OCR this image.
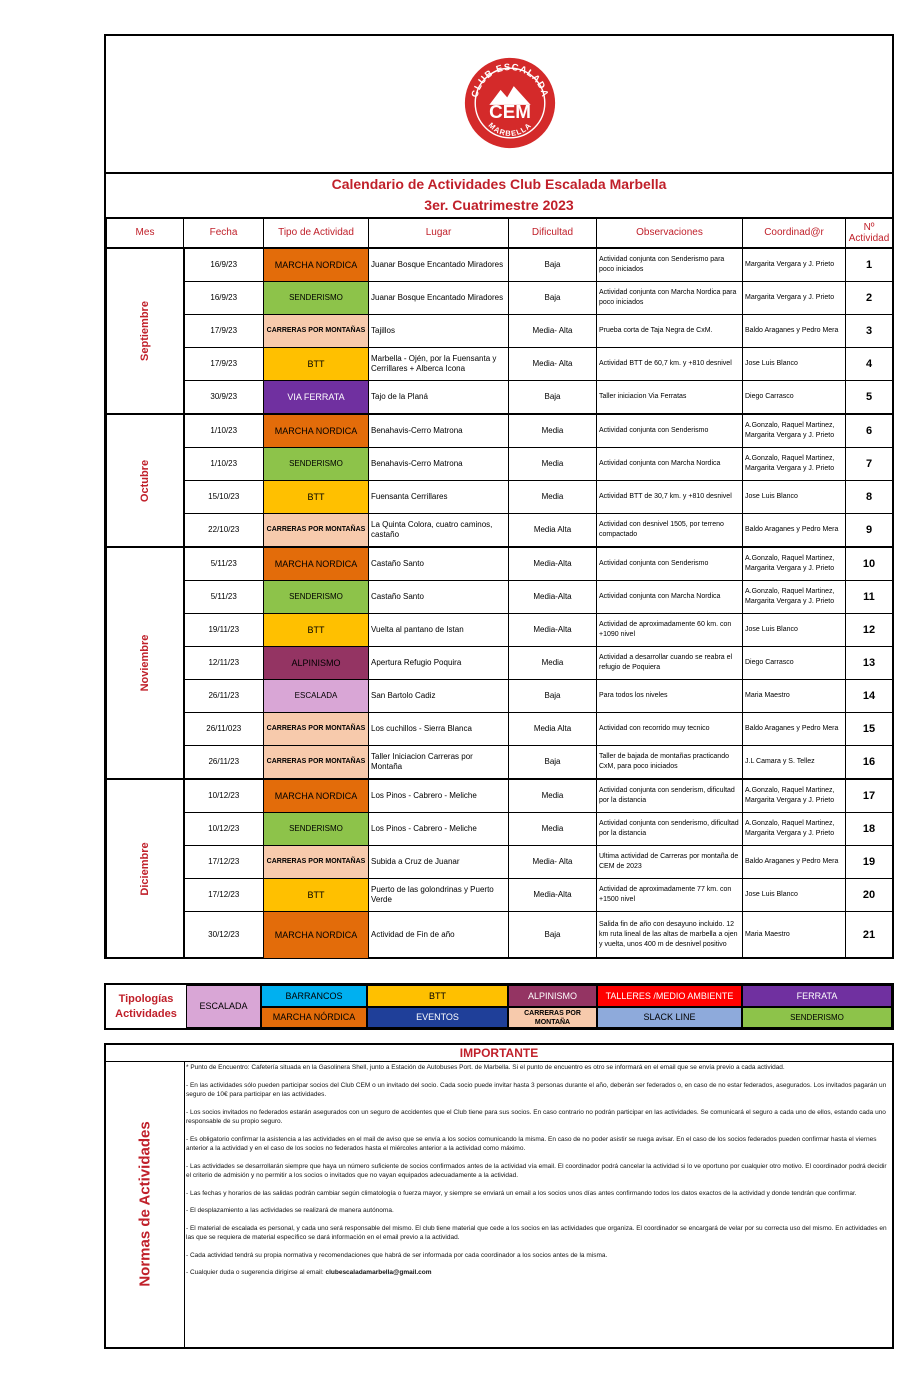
CLUB ESCALADA
CEM
MARBELLA
Calendario de Actividades Club Escalada Marbella
3er. Cuatrimestre 2023
Mes	Fecha	Tipo de Actividad	Lugar	Dificultad	Observaciones	Coordinad@r	Nº Actividad

Septiembre	16/9/23	MARCHA NORDICA	Juanar Bosque Encantado Miradores	Baja	Actividad conjunta con Senderismo para poco iniciados	Margarita Vergara y J. Prieto	1
	16/9/23	SENDERISMO	Juanar Bosque Encantado Miradores	Baja	Actividad conjunta con Marcha Nordica para poco iniciados	Margarita Vergara y J. Prieto	2
	17/9/23	CARRERAS POR MONTAÑAS	Tajillos	Media- Alta	Prueba corta de Taja Negra de CxM.	Baldo Araganes y Pedro Mera	3
	17/9/23	BTT	Marbella - Ojén, por la Fuensanta y Cerrillares + Alberca Icona	Media- Alta	Actividad BTT de 60,7 km. y +810 desnivel	Jose Luis Blanco	4
	30/9/23	VIA FERRATA	Tajo de la Planá	Baja	Taller iniciacion Via Ferratas	Diego Carrasco	5

Octubre	1/10/23	MARCHA NORDICA	Benahavis-Cerro Matrona	Media	Actividad conjunta con Senderismo	A.Gonzalo, Raquel Martinez, Margarita Vergara y J. Prieto	6
	1/10/23	SENDERISMO	Benahavis-Cerro Matrona	Media	Actividad conjunta con Marcha Nordica	A.Gonzalo, Raquel Martinez, Margarita Vergara y J. Prieto	7
	15/10/23	BTT	Fuensanta Cerrillares	Media	Actividad BTT de 30,7 km. y +810 desnivel	Jose Luis Blanco	8
	22/10/23	CARRERAS POR MONTAÑAS	La Quinta Colora, cuatro caminos, castaño	Media Alta	Actividad con desnivel 1505, por terreno compactado	Baldo Araganes y Pedro Mera	9

Noviembre	5/11/23	MARCHA NORDICA	Castaño Santo	Media-Alta	Actividad conjunta con Senderismo	A.Gonzalo, Raquel Martinez, Margarita Vergara y J. Prieto	10
	5/11/23	SENDERISMO	Castaño Santo	Media-Alta	Actividad conjunta con Marcha Nordica	A.Gonzalo, Raquel Martinez, Margarita Vergara y J. Prieto	11
	19/11/23	BTT	Vuelta al pantano de Istan	Media-Alta	Actividad de aproximadamente 60 km. con +1090 nivel	Jose Luis Blanco	12
	12/11/23	ALPINISMO	Apertura Refugio Poquira	Media	Actividad a desarrollar cuando se reabra el refugio de Poquiera	Diego Carrasco	13
	26/11/23	ESCALADA	San Bartolo Cadiz	Baja	Para todos los niveles	Maria Maestro	14
	26/11/023	CARRERAS POR MONTAÑAS	Los cuchillos - Sierra Blanca	Media Alta	Actividad con recorrido muy tecnico	Baldo Araganes y Pedro Mera	15
	26/11/23	CARRERAS POR MONTAÑAS	Taller Iniciacion Carreras por Montaña	Baja	Taller de bajada de montañas practicando CxM, para poco iniciados	J.L Camara y S. Tellez	16

Diciembre	10/12/23	MARCHA NORDICA	Los Pinos - Cabrero - Meliche	Media	Actividad conjunta con senderism, dificultad por la distancia	A.Gonzalo, Raquel Martinez, Margarita Vergara y J. Prieto	17
	10/12/23	SENDERISMO	Los Pinos - Cabrero - Meliche	Media	Actividad conjunta con senderismo, dificultad por la distancia	A.Gonzalo, Raquel Martinez, Margarita Vergara y J. Prieto	18
	17/12/23	CARRERAS POR MONTAÑAS	Subida a Cruz de Juanar	Media- Alta	Ultima actividad de Carreras por montaña de CEM de 2023	Baldo Araganes y Pedro Mera	19
	17/12/23	BTT	Puerto de las golondrinas y Puerto Verde	Media-Alta	Actividad de aproximadamente 77 km. con +1500 nivel	Jose Luis Blanco	20
	30/12/23	MARCHA NORDICA	Actividad de Fin de año	Baja	Salida fin de año con desayuno incluido. 12 km ruta lineal de las altas de marbella a ojen y vuelta, unos 400 m de desnivel positivo	Maria Maestro	21
Tipologías Actividades
ESCALADA
BARRANCOS	BTT	ALPINISMO	TALLERES /MEDIO AMBIENTE	FERRATA
MARCHA NÓRDICA	EVENTOS	CARRERAS POR MONTAÑA	SLACK LINE	SENDERISMO
IMPORTANTE
Normas de Actividades

* Punto de Encuentro: Cafetería situada en la Gasolinera Shell, junto a Estación de Autobuses Port. de Marbella. Si el punto de encuentro es otro se informará en el email que se envía previo a cada actividad.

- En las actividades sólo pueden participar socios del Club CEM o un invitado del socio. Cada socio puede invitar hasta 3 personas durante el año, deberán ser federados o, en caso de no estar federados, asegurados. Los invitados pagarán un seguro de 10€ para participar en las actividades.

- Los socios invitados no federados estarán asegurados con un seguro de accidentes que el Club tiene para sus socios. En caso contrario no podrán participar en las actividades. Se comunicará el seguro a cada uno de ellos, estando cada uno responsable de su propio seguro.

- Es obligatorio confirmar la asistencia a las actividades en el mail de aviso que se envía a los socios comunicando la misma. En caso de no poder asistir se ruega avisar. En el caso de los socios federados pueden confirmar hasta el viernes anterior a la actividad y en el caso de los socios no federados hasta el miércoles anterior a la actividad como máximo.

- Las actividades se desarrollarán siempre que haya un número suficiente de socios confirmados antes de la actividad vía email. El coordinador podrá cancelar la actividad si lo ve oportuno por cualquier otro motivo. El coordinador podrá decidir el criterio de admisión y no permitir a los socios o invitados que no vayan equipados adecuadamente a la actividad.

- Las fechas y horarios de las salidas podrán cambiar según climatología o fuerza mayor, y siempre se enviará un email a los socios unos días antes confirmando todos los datos exactos de la actividad y donde tendrán que confirmar.

- El desplazamiento a las actividades se realizará de manera autónoma.

- El material de escalada es personal, y cada uno será responsable del mismo. El club tiene material que cede a los socios en las actividades que organiza. El coordinador se encargará de velar por su correcta uso del mismo. En actividades en las que se requiera de material específico se dará información en el email previo a la actividad.

- Cada actividad tendrá su propia normativa y recomendaciones que habrá de ser informada por cada coordinador a los socios antes de la misma.

- Cualquier duda o sugerencia dirigirse al email: clubescaladamarbella@gmail.com
